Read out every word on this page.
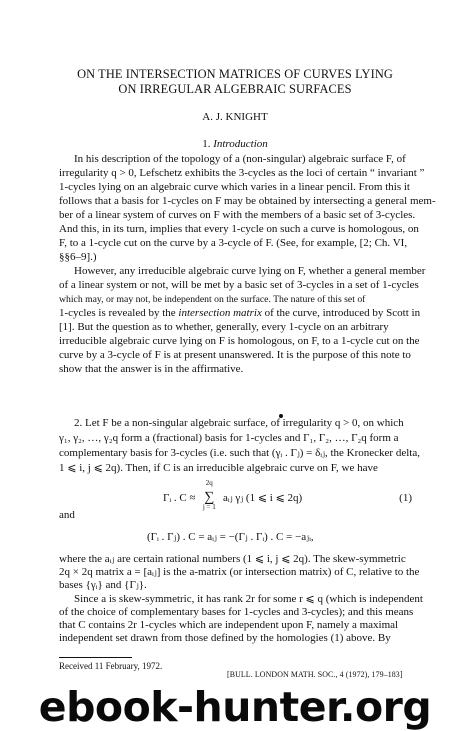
ON THE INTERSECTION MATRICES OF CURVES LYING
ON IRREGULAR ALGEBRAIC SURFACES
A. J. KNIGHT
1. Introduction
In his description of the topology of a (non-singular) algebraic surface F, of
irregularity q > 0, Lefschetz exhibits the 3-cycles as the loci of certain “ invariant ”
1-cycles lying on an algebraic curve which varies in a linear pencil. From this it
follows that a basis for 1-cycles on F may be obtained by intersecting a general mem-
ber of a linear system of curves on F with the members of a basic set of 3-cycles.
And this, in its turn, implies that every 1-cycle on such a curve is homologous, on
F, to a 1-cycle cut on the curve by a 3-cycle of F. (See, for example, [2; Ch. VI,
§§6–9].)
However, any irreducible algebraic curve lying on F, whether a general member
of a linear system or not, will be met by a basic set of 3-cycles in a set of 1-cycles
which may, or may not, be independent on the surface. The nature of this set of
1-cycles is revealed by the intersection matrix of the curve, introduced by Scott in
[1]. But the question as to whether, generally, every 1-cycle on an arbitrary
irreducible algebraic curve lying on F is homologous, on F, to a 1-cycle cut on the
curve by a 3-cycle of F is at present unanswered. It is the purpose of this note to
show that the answer is in the affirmative.
2. Let F be a non-singular algebraic surface, of irregularity q > 0, on which
γ₁, γ₂, …, γ₂q form a (fractional) basis for 1-cycles and Γ₁, Γ₂, …, Γ₂q form a
complementary basis for 3-cycles (i.e. such that (γᵢ . Γⱼ) = δᵢⱼ, the Kronecker delta,
1 ⩽ i, j ⩽ 2q). Then, if C is an irreducible algebraic curve on F, we have
Γᵢ . C ≈
2q
∑
j = 1
aᵢⱼ γⱼ (1 ⩽ i ⩽ 2q)	(1)
and
(Γᵢ . Γⱼ) . C = aᵢⱼ = −(Γⱼ . Γᵢ) . C = −aⱼᵢ,
where the aᵢⱼ are certain rational numbers (1 ⩽ i, j ⩽ 2q). The skew-symmetric
2q × 2q matrix a = [aᵢⱼ] is the a-matrix (or intersection matrix) of C, relative to the
bases {γᵢ} and {Γⱼ}.
Since a is skew-symmetric, it has rank 2r for some r ⩽ q (which is independent
of the choice of complementary bases for 1-cycles and 3-cycles); and this means
that C contains 2r 1-cycles which are independent upon F, namely a maximal
independent set drawn from those defined by the homologies (1) above. By
Received 11 February, 1972.
[BULL. LONDON MATH. SOC., 4 (1972), 179–183]
ebook-hunter.org
